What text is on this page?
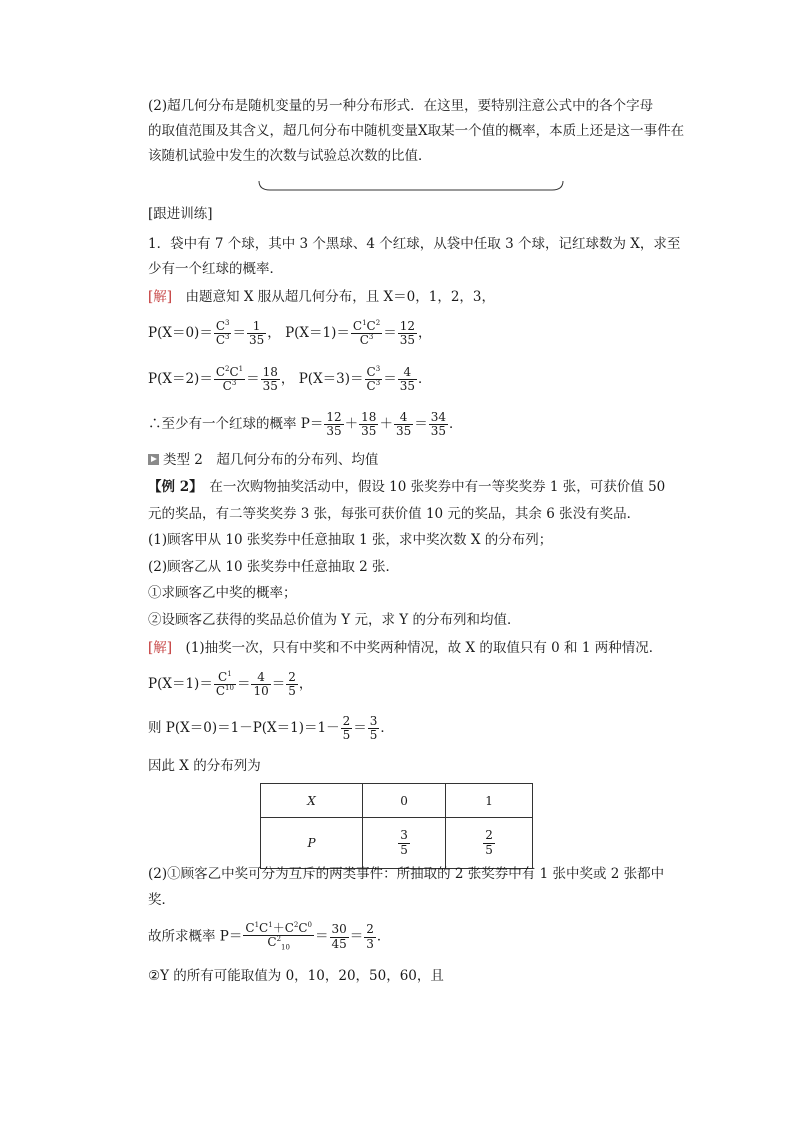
(2)超几何分布是随机变量的另一种分布形式．在这里，要特别注意公式中的各个字母
的取值范围及其含义，超几何分布中随机变量X取某一个值的概率，本质上还是这一事件在
该随机试验中发生的次数与试验总次数的比值．
[跟进训练]
1．袋中有 7 个球，其中 3 个黑球、4 个红球，从袋中任取 3 个球，记红球数为 X，求至
少有一个红球的概率．
[解]　由题意知 X 服从超几何分布，且 X＝0，1，2，3，
$P(X=0)= \frac{C^3}{C^3} = \frac{1}{35}$ ， $P(X=1)= \frac{C^1C^2}{C^3} = \frac{12}{35}$ ，
$P(X=2)= \frac{C^2C^1}{C^3} = \frac{18}{35}$ ， $P(X=3)= \frac{C^3}{C^3} = \frac{4}{35}$ ．
∴至少有一个红球的概率 $P= \frac{12}{35} + \frac{18}{35} + \frac{4}{35} = \frac{34}{35}$ ．
类型 2　 超几何分布的分布列、均值
【例 2】　在一次购物抽奖活动中，假设 10 张奖券中有一等奖奖券 1 张，可获价值 50
元的奖品，有二等奖奖券 3 张，每张可获价值 10 元的奖品，其余 6 张没有奖品．
(1)顾客甲从 10 张奖券中任意抽取 1 张，求中奖次数 X 的分布列；
(2)顾客乙从 10 张奖券中任意抽取 2 张．
①求顾客乙中奖的概率；
②设顾客乙获得的奖品总价值为 Y 元，求 Y 的分布列和均值．
[解]　(1)抽奖一次，只有中奖和不中奖两种情况，故 X 的取值只有 0 和 1 两种情况．
$P(X=1)= \frac{C^1}{C^{10}} = \frac{4}{10} = \frac{2}{5}$ ，
则 $P(X=0)=1-P(X=1)=1- \frac{2}{5} = \frac{3}{5}$ ．
因此 X 的分布列为
X	0	1
P	$\frac{3}{5}$	$\frac{2}{5}$
(2)①顾客乙中奖可分为互斥的两类事件：所抽取的 2 张奖券中有 1 张中奖或 2 张都中
奖．
故所求概率 $P= \frac{C^1C^1+C^2C^0}{C^2_{10}} = \frac{30}{45} = \frac{2}{3}$ ．
②Y 的所有可能取值为 0，10，20，50，60，且
